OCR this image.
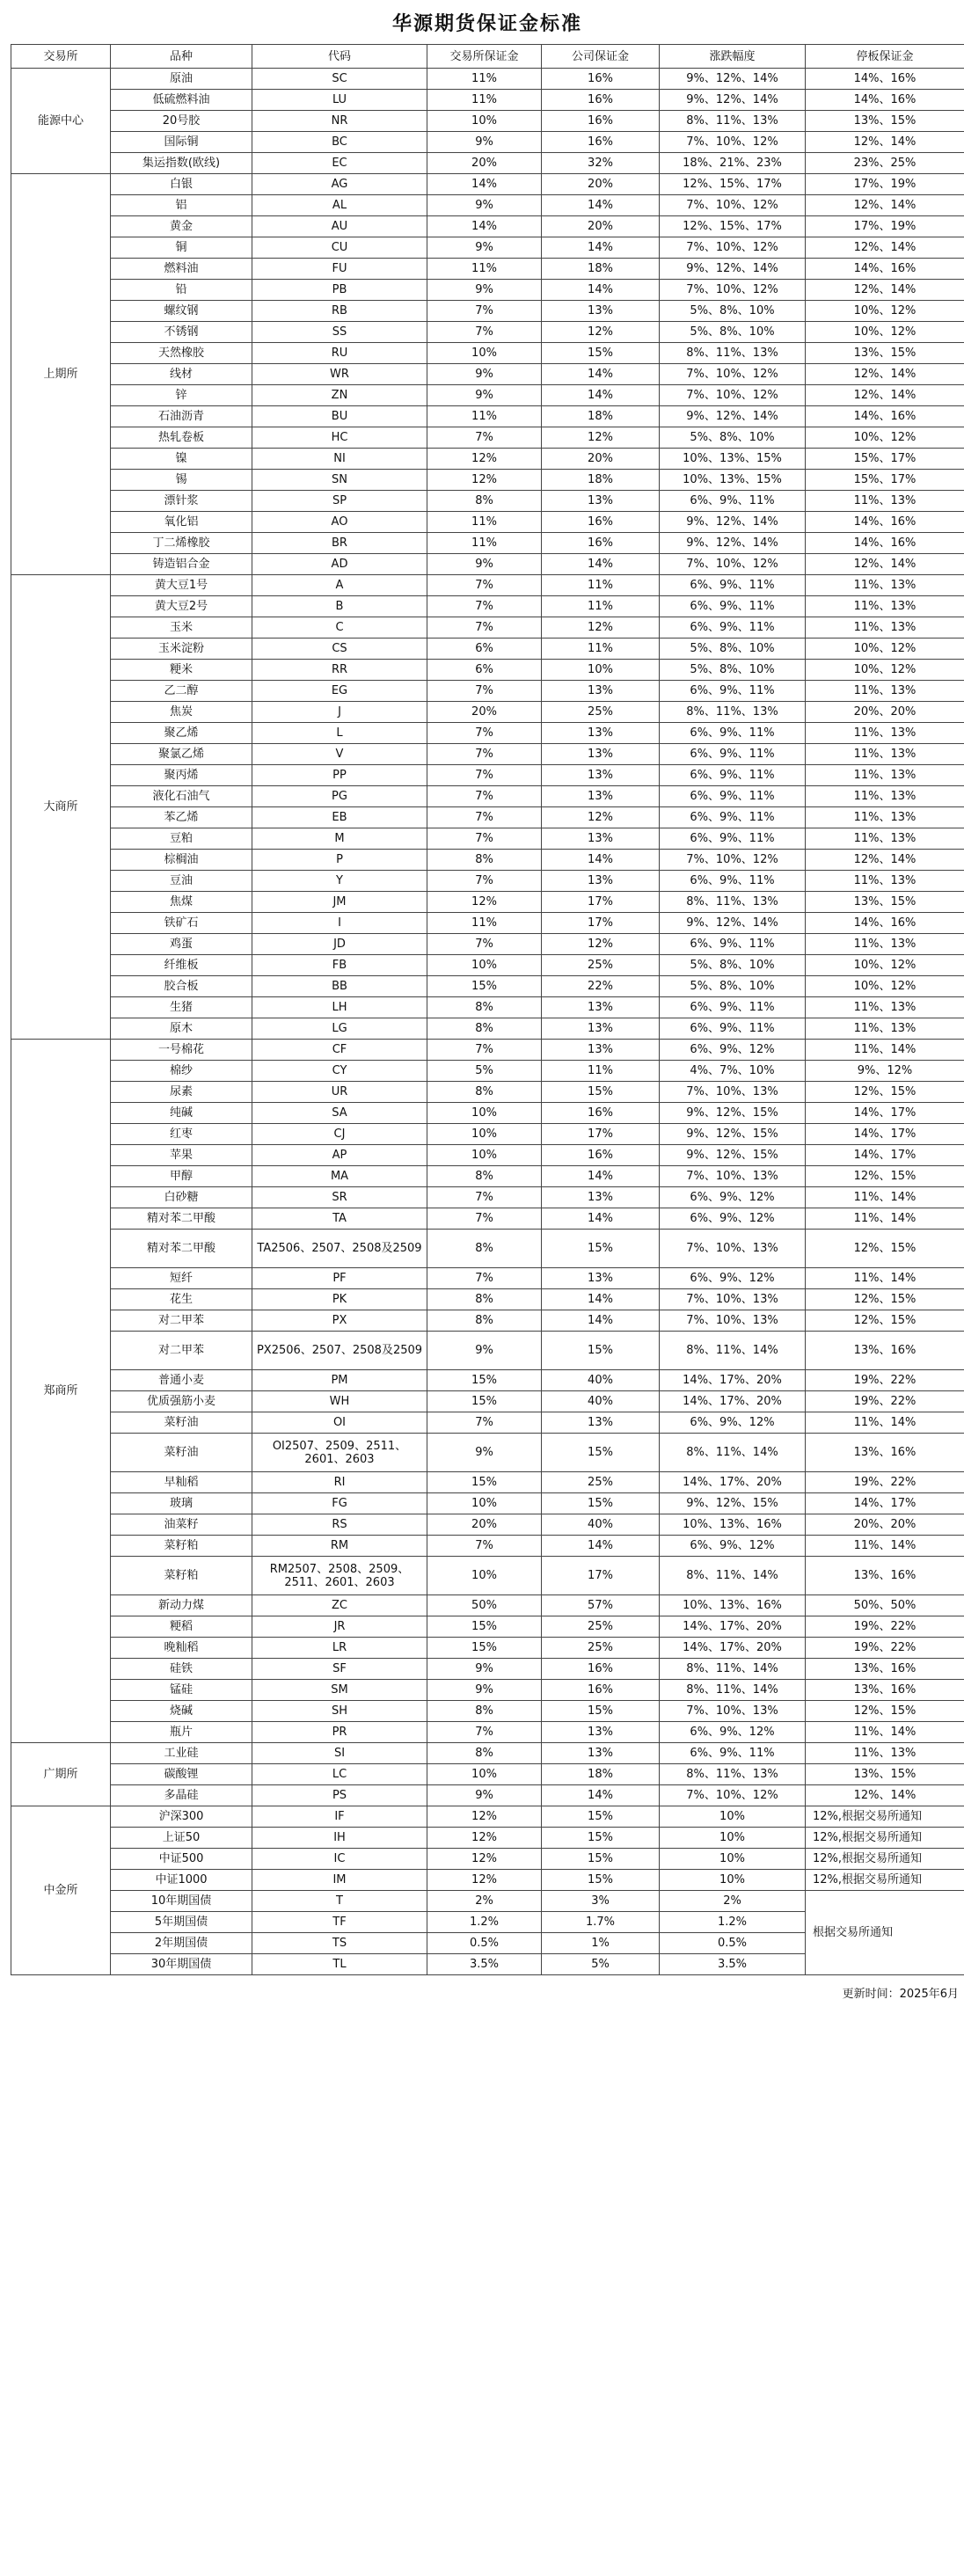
华源期货保证金标准
交易所	品种	代码	交易所保证金	公司保证金	涨跌幅度	停板保证金
能源中心	原油	SC	11%	16%	9%、12%、14%	14%、16%
	低硫燃料油	LU	11%	16%	9%、12%、14%	14%、16%
	20号胶	NR	10%	16%	8%、11%、13%	13%、15%
	国际铜	BC	9%	16%	7%、10%、12%	12%、14%
	集运指数(欧线)	EC	20%	32%	18%、21%、23%	23%、25%
上期所	白银	AG	14%	20%	12%、15%、17%	17%、19%
	铝	AL	9%	14%	7%、10%、12%	12%、14%
	黄金	AU	14%	20%	12%、15%、17%	17%、19%
	铜	CU	9%	14%	7%、10%、12%	12%、14%
	燃料油	FU	11%	18%	9%、12%、14%	14%、16%
	铅	PB	9%	14%	7%、10%、12%	12%、14%
	螺纹钢	RB	7%	13%	5%、8%、10%	10%、12%
	不锈钢	SS	7%	12%	5%、8%、10%	10%、12%
	天然橡胶	RU	10%	15%	8%、11%、13%	13%、15%
	线材	WR	9%	14%	7%、10%、12%	12%、14%
	锌	ZN	9%	14%	7%、10%、12%	12%、14%
	石油沥青	BU	11%	18%	9%、12%、14%	14%、16%
	热轧卷板	HC	7%	12%	5%、8%、10%	10%、12%
	镍	NI	12%	20%	10%、13%、15%	15%、17%
	锡	SN	12%	18%	10%、13%、15%	15%、17%
	漂针浆	SP	8%	13%	6%、9%、11%	11%、13%
	氧化铝	AO	11%	16%	9%、12%、14%	14%、16%
	丁二烯橡胶	BR	11%	16%	9%、12%、14%	14%、16%
	铸造铝合金	AD	9%	14%	7%、10%、12%	12%、14%
大商所	黄大豆1号	A	7%	11%	6%、9%、11%	11%、13%
	黄大豆2号	B	7%	11%	6%、9%、11%	11%、13%
	玉米	C	7%	12%	6%、9%、11%	11%、13%
	玉米淀粉	CS	6%	11%	5%、8%、10%	10%、12%
	粳米	RR	6%	10%	5%、8%、10%	10%、12%
	乙二醇	EG	7%	13%	6%、9%、11%	11%、13%
	焦炭	J	20%	25%	8%、11%、13%	20%、20%
	聚乙烯	L	7%	13%	6%、9%、11%	11%、13%
	聚氯乙烯	V	7%	13%	6%、9%、11%	11%、13%
	聚丙烯	PP	7%	13%	6%、9%、11%	11%、13%
	液化石油气	PG	7%	13%	6%、9%、11%	11%、13%
	苯乙烯	EB	7%	12%	6%、9%、11%	11%、13%
	豆粕	M	7%	13%	6%、9%、11%	11%、13%
	棕榈油	P	8%	14%	7%、10%、12%	12%、14%
	豆油	Y	7%	13%	6%、9%、11%	11%、13%
	焦煤	JM	12%	17%	8%、11%、13%	13%、15%
	铁矿石	I	11%	17%	9%、12%、14%	14%、16%
	鸡蛋	JD	7%	12%	6%、9%、11%	11%、13%
	纤维板	FB	10%	25%	5%、8%、10%	10%、12%
	胶合板	BB	15%	22%	5%、8%、10%	10%、12%
	生猪	LH	8%	13%	6%、9%、11%	11%、13%
	原木	LG	8%	13%	6%、9%、11%	11%、13%
郑商所	一号棉花	CF	7%	13%	6%、9%、12%	11%、14%
	棉纱	CY	5%	11%	4%、7%、10%	9%、12%
	尿素	UR	8%	15%	7%、10%、13%	12%、15%
	纯碱	SA	10%	16%	9%、12%、15%	14%、17%
	红枣	CJ	10%	17%	9%、12%、15%	14%、17%
	苹果	AP	10%	16%	9%、12%、15%	14%、17%
	甲醇	MA	8%	14%	7%、10%、13%	12%、15%
	白砂糖	SR	7%	13%	6%、9%、12%	11%、14%
	精对苯二甲酸	TA	7%	14%	6%、9%、12%	11%、14%
	精对苯二甲酸	TA2506、2507、2508及2509	8%	15%	7%、10%、13%	12%、15%
	短纤	PF	7%	13%	6%、9%、12%	11%、14%
	花生	PK	8%	14%	7%、10%、13%	12%、15%
	对二甲苯	PX	8%	14%	7%、10%、13%	12%、15%
	对二甲苯	PX2506、2507、2508及2509	9%	15%	8%、11%、14%	13%、16%
	普通小麦	PM	15%	40%	14%、17%、20%	19%、22%
	优质强筋小麦	WH	15%	40%	14%、17%、20%	19%、22%
	菜籽油	OI	7%	13%	6%、9%、12%	11%、14%
	菜籽油	OI2507、2509、2511、2601、2603	9%	15%	8%、11%、14%	13%、16%
	早籼稻	RI	15%	25%	14%、17%、20%	19%、22%
	玻璃	FG	10%	15%	9%、12%、15%	14%、17%
	油菜籽	RS	20%	40%	10%、13%、16%	20%、20%
	菜籽粕	RM	7%	14%	6%、9%、12%	11%、14%
	菜籽粕	RM2507、2508、2509、2511、2601、2603	10%	17%	8%、11%、14%	13%、16%
	新动力煤	ZC	50%	57%	10%、13%、16%	50%、50%
	粳稻	JR	15%	25%	14%、17%、20%	19%、22%
	晚籼稻	LR	15%	25%	14%、17%、20%	19%、22%
	硅铁	SF	9%	16%	8%、11%、14%	13%、16%
	锰硅	SM	9%	16%	8%、11%、14%	13%、16%
	烧碱	SH	8%	15%	7%、10%、13%	12%、15%
	瓶片	PR	7%	13%	6%、9%、12%	11%、14%
广期所	工业硅	SI	8%	13%	6%、9%、11%	11%、13%
	碳酸锂	LC	10%	18%	8%、11%、13%	13%、15%
	多晶硅	PS	9%	14%	7%、10%、12%	12%、14%
中金所	沪深300	IF	12%	15%	10%	12%,根据交易所通知
	上证50	IH	12%	15%	10%	12%,根据交易所通知
	中证500	IC	12%	15%	10%	12%,根据交易所通知
	中证1000	IM	12%	15%	10%	12%,根据交易所通知
	10年期国债	T	2%	3%	2%	根据交易所通知
	5年期国债	TF	1.2%	1.7%	1.2%	
	2年期国债	TS	0.5%	1%	0.5%	
	30年期国债	TL	3.5%	5%	3.5%	
更新时间：2025年6月
